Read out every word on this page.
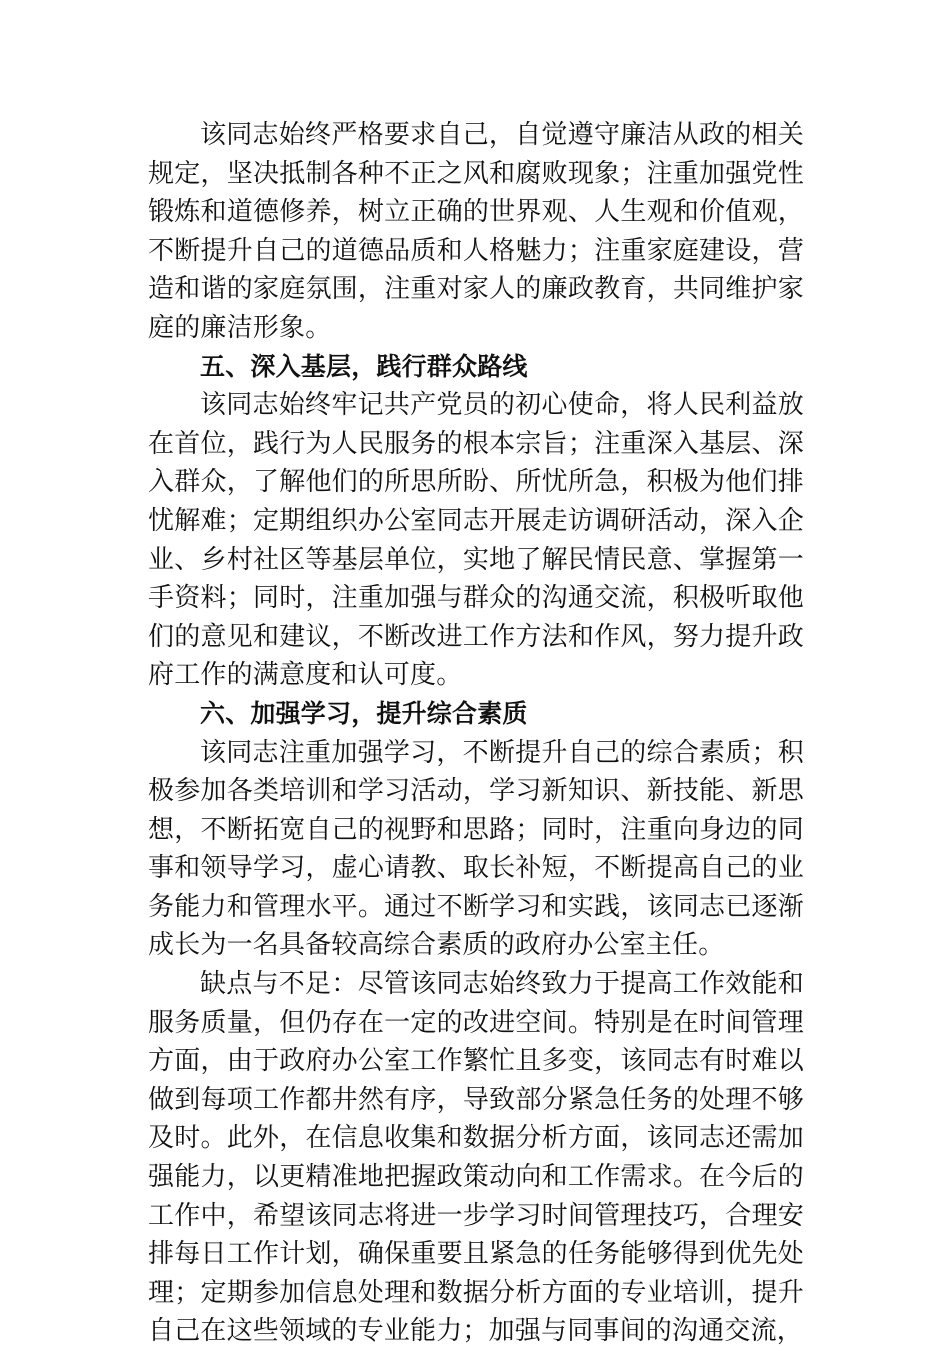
该同志始终严格要求自己，自觉遵守廉洁从政的相关规定，坚决抵制各种不正之风和腐败现象；注重加强党性锻炼和道德修养，树立正确的世界观、人生观和价值观，不断提升自己的道德品质和人格魅力；注重家庭建设，营造和谐的家庭氛围，注重对家人的廉政教育，共同维护家庭的廉洁形象。

五、深入基层，践行群众路线

该同志始终牢记共产党员的初心使命，将人民利益放在首位，践行为人民服务的根本宗旨；注重深入基层、深入群众，了解他们的所思所盼、所忧所急，积极为他们排忧解难；定期组织办公室同志开展走访调研活动，深入企业、乡村社区等基层单位，实地了解民情民意、掌握第一手资料；同时，注重加强与群众的沟通交流，积极听取他们的意见和建议，不断改进工作方法和作风，努力提升政府工作的满意度和认可度。

六、加强学习，提升综合素质

该同志注重加强学习，不断提升自己的综合素质；积极参加各类培训和学习活动，学习新知识、新技能、新思想，不断拓宽自己的视野和思路；同时，注重向身边的同事和领导学习，虚心请教、取长补短，不断提高自己的业务能力和管理水平。通过不断学习和实践，该同志已逐渐成长为一名具备较高综合素质的政府办公室主任。

缺点与不足：尽管该同志始终致力于提高工作效能和服务质量，但仍存在一定的改进空间。特别是在时间管理方面，由于政府办公室工作繁忙且多变，该同志有时难以做到每项工作都井然有序，导致部分紧急任务的处理不够及时。此外，在信息收集和数据分析方面，该同志还需加强能力，以更精准地把握政策动向和工作需求。在今后的工作中，希望该同志将进一步学习时间管理技巧，合理安排每日工作计划，确保重要且紧急的任务能够得到优先处理；定期参加信息处理和数据分析方面的专业培训，提升自己在这些领域的专业能力；加强与同事间的沟通交流，
